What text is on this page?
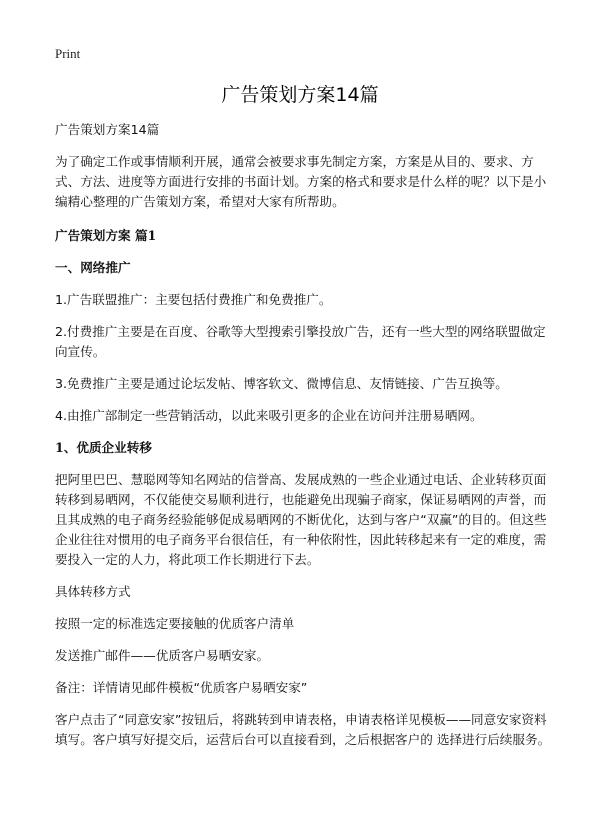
Print
广告策划方案14篇

广告策划方案14篇

为了确定工作或事情顺利开展，通常会被要求事先制定方案，方案是从目的、要求、方式、方法、进度等方面进行安排的书面计划。方案的格式和要求是什么样的呢？以下是小编精心整理的广告策划方案，希望对大家有所帮助。

广告策划方案 篇1
一、网络推广

1.广告联盟推广：主要包括付费推广和免费推广。

2.付费推广主要是在百度、谷歌等大型搜索引擎投放广告，还有一些大型的网络联盟做定向宣传。

3.免费推广主要是通过论坛发帖、博客软文、微博信息、友情链接、广告互换等。

4.由推广部制定一些营销活动，以此来吸引更多的企业在访问并注册易晒网。

1、优质企业转移

把阿里巴巴、慧聪网等知名网站的信誉高、发展成熟的一些企业通过电话、企业转移页面转移到易晒网，不仅能使交易顺利进行，也能避免出现骗子商家，保证易晒网的声誉，而且其成熟的电子商务经验能够促成易晒网的不断优化，达到与客户“双赢”的目的。但这些企业往往对惯用的电子商务平台很信任，有一种依附性，因此转移起来有一定的难度，需要投入一定的人力，将此项工作长期进行下去。

具体转移方式

按照一定的标准选定要接触的优质客户清单

发送推广邮件——优质客户易晒安家。

备注：详情请见邮件模板“优质客户易晒安家”

客户点击了“同意安家”按钮后，将跳转到申请表格，申请表格详见模板——同意安家资料填写。客户填写好提交后，运营后台可以直接看到，之后根据客户的 选择进行后续服务。
